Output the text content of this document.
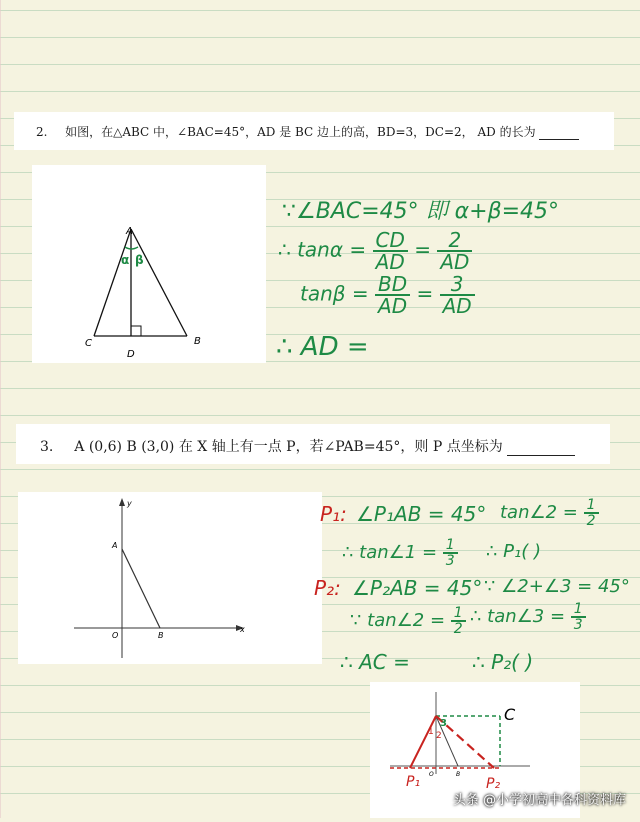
2. 如图，在△ABC 中，∠BAC=45°，AD 是 BC 边上的高，BD=3，DC=2， AD 的长为
A
C	B
D
α β
∵∠BAC=45° 即 α+β=45°
∴ $\tan\alpha = \frac{CD}{AD} = \frac{2}{AD}$
$\tan\beta = \frac{BD}{AD} = \frac{3}{AD}$
∴ AD =
3. A (0,6) B (3,0) 在 X 轴上有一点 P，若∠PAB=45°，则 P 点坐标为
y
x
A
O	B
P₁: ∠P₁AB = 45° tan∠2 = $\frac{1}{2}$
∴ tan∠1 = $\frac{1}{3}$ ∴ P₁( )
P₂: ∠P₂AB = 45° ∵ ∠2+∠3 = 45°
∵ tan∠2 = $\frac{1}{2}$ ∴ tan∠3 = $\frac{1}{3}$
∴ AC =	∴ P₂( )
C
3
1 2
O	B
P₁	P₂
头条 @小学初高中各科资料库
